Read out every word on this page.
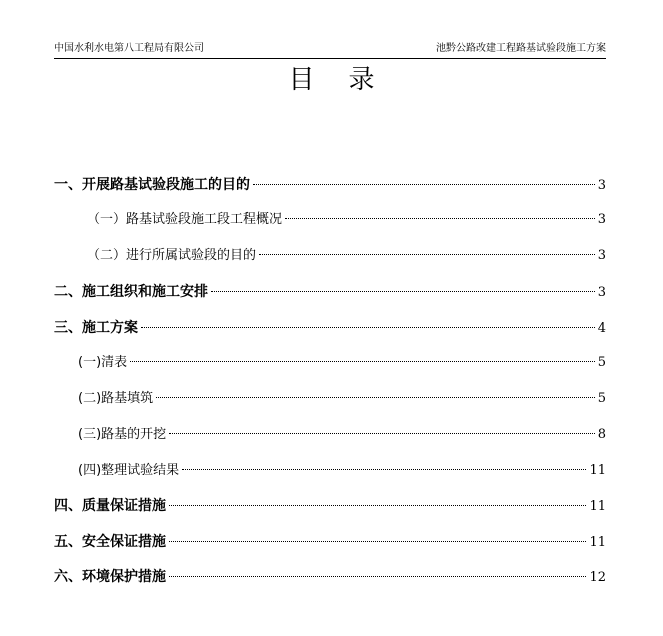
中国水利水电第八工程局有限公司	池黔公路改建工程路基试验段施工方案
目录
一、开展路基试验段施工的目的	3
（一）路基试验段施工段工程概况	3
（二）进行所属试验段的目的	3
二、施工组织和施工安排	3
三、施工方案	4
(一)清表	5
(二)路基填筑	5
(三)路基的开挖	8
(四)整理试验结果	11
四、质量保证措施	11
五、安全保证措施	11
六、环境保护措施	12
